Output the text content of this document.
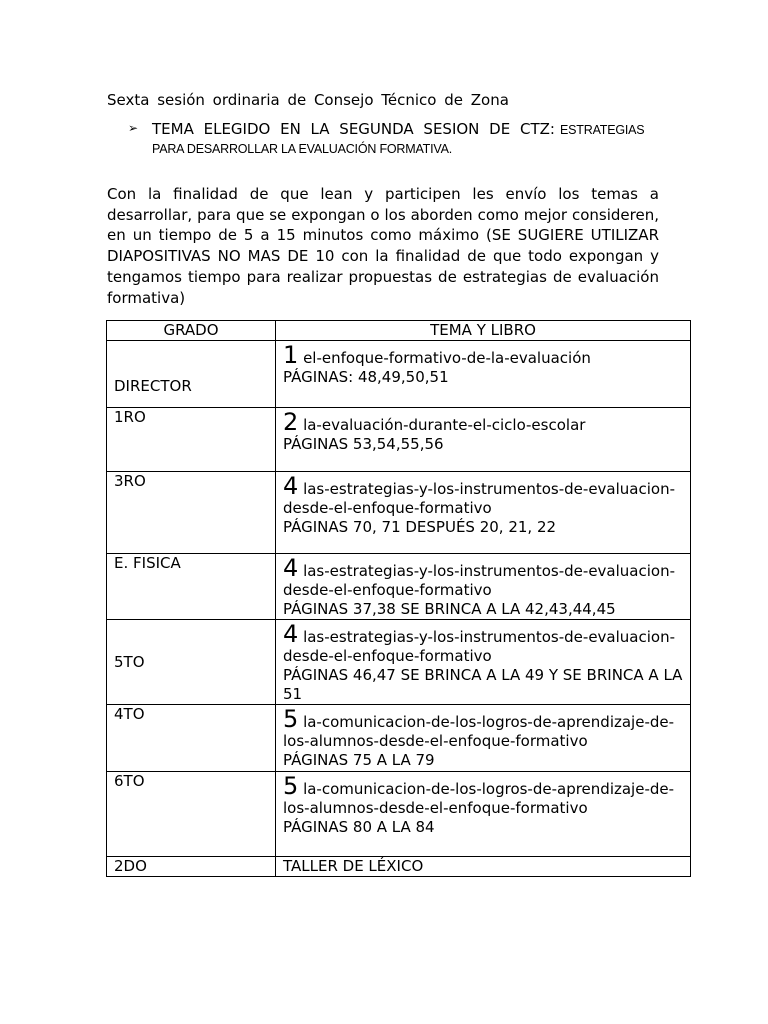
Sexta sesión ordinaria de Consejo Técnico de Zona
➢ TEMA ELEGIDO EN LA SEGUNDA SESION DE CTZ: ESTRATEGIAS PARA DESARROLLAR LA EVALUACIÓN FORMATIVA.
Con la finalidad de que lean y participen les envío los temas a desarrollar, para que se expongan o los aborden como mejor consideren, en un tiempo de 5 a 15 minutos como máximo (SE SUGIERE UTILIZAR DIAPOSITIVAS NO MAS DE 10 con la finalidad de que todo expongan y tengamos tiempo para realizar propuestas de estrategias de evaluación formativa)
GRADO	TEMA Y LIBRO
DIRECTOR	1 el-enfoque-formativo-de-la-evaluación
PÁGINAS: 48,49,50,51

1RO	2 la-evaluación-durante-el-ciclo-escolar
PÁGINAS 53,54,55,56

3RO	4 las-estrategias-y-los-instrumentos-de-evaluacion-desde-el-enfoque-formativo
PÁGINAS 70, 71 DESPUÉS 20, 21, 22

E. FISICA	4 las-estrategias-y-los-instrumentos-de-evaluacion-desde-el-enfoque-formativo
PÁGINAS 37,38 SE BRINCA A LA 42,43,44,45

5TO	4 las-estrategias-y-los-instrumentos-de-evaluacion-desde-el-enfoque-formativo
PÁGINAS 46,47 SE BRINCA A LA 49 Y SE BRINCA A LA 51

4TO	5 la-comunicacion-de-los-logros-de-aprendizaje-de-los-alumnos-desde-el-enfoque-formativo
PÁGINAS 75 A LA 79

6TO	5 la-comunicacion-de-los-logros-de-aprendizaje-de-los-alumnos-desde-el-enfoque-formativo
PÁGINAS 80 A LA 84

2DO	TALLER DE LÉXICO
